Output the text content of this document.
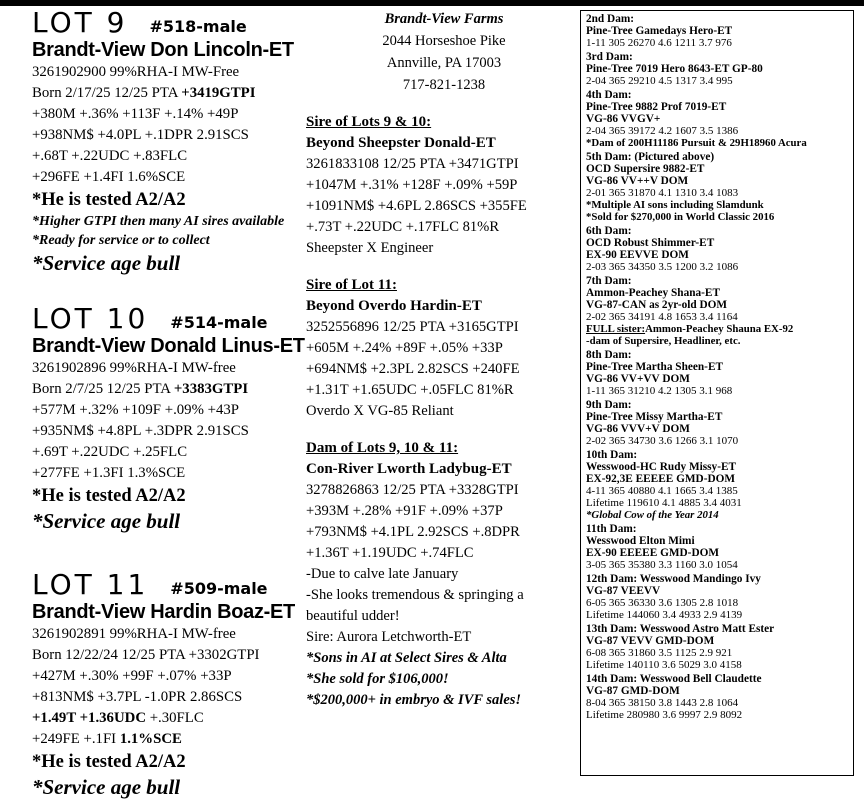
LOT 9 #518-male
Brandt-View Don Lincoln-ET
3261902900 99%RHA-I MW-Free
Born 2/17/25 12/25 PTA +3419GTPI
+380M +.36% +113F +.14% +49P
+938NM$ +4.0PL +.1DPR 2.91SCS
+.68T +.22UDC +.83FLC
+296FE +1.4FI 1.6%SCE
*He is tested A2/A2
*Higher GTPI then many AI sires available
*Ready for service or to collect
*Service age bull
LOT 10 #514-male
Brandt-View Donald Linus-ET
3261902896 99%RHA-I MW-free
Born 2/7/25 12/25 PTA +3383GTPI
+577M +.32% +109F +.09% +43P
+935NM$ +4.8PL +.3DPR 2.91SCS
+.69T +.22UDC +.25FLC
+277FE +1.3FI 1.3%SCE
*He is tested A2/A2
*Service age bull
LOT 11 #509-male
Brandt-View Hardin Boaz-ET
3261902891 99%RHA-I MW-free
Born 12/22/24 12/25 PTA +3302GTPI
+427M +.30% +99F +.07% +33P
+813NM$ +3.7PL -1.0PR 2.86SCS
+1.49T +1.36UDC +.30FLC
+249FE +.1FI 1.1%SCE
*He is tested A2/A2
*Service age bull
Brandt-View Farms
2044 Horseshoe Pike
Annville, PA 17003
717-821-1238
Sire of Lots 9 & 10:
Beyond Sheepster Donald-ET
3261833108 12/25 PTA +3471GTPI
+1047M +.31% +128F +.09% +59P
+1091NM$ +4.6PL 2.86SCS +355FE
+.73T +.22UDC +.17FLC 81%R
Sheepster X Engineer
Sire of Lot 11:
Beyond Overdo Hardin-ET
3252556896 12/25 PTA +3165GTPI
+605M +.24% +89F +.05% +33P
+694NM$ +2.3PL 2.82SCS +240FE
+1.31T +1.65UDC +.05FLC 81%R
Overdo X VG-85 Reliant
Dam of Lots 9, 10 & 11:
Con-River Lworth Ladybug-ET
3278826863 12/25 PTA +3328GTPI
+393M +.28% +91F +.09% +37P
+793NM$ +4.1PL 2.92SCS +.8DPR
+1.36T +1.19UDC +.74FLC
-Due to calve late January
-She looks tremendous & springing a
beautiful udder!
Sire: Aurora Letchworth-ET
*Sons in AI at Select Sires & Alta
*She sold for $106,000!
*$200,000+ in embryo & IVF sales!
2nd Dam:
Pine-Tree Gamedays Hero-ET
1-11 305 26270 4.6 1211 3.7 976
3rd Dam:
Pine-Tree 7019 Hero 8643-ET GP-80
2-04 365 29210 4.5 1317 3.4 995
4th Dam:
Pine-Tree 9882 Prof 7019-ET
VG-86 VVGV+
2-04 365 39172 4.2 1607 3.5 1386
*Dam of 200H11186 Pursuit & 29H18960 Acura
5th Dam: (Pictured above)
OCD Supersire 9882-ET
VG-86 VV++V DOM
2-01 365 31870 4.1 1310 3.4 1083
*Multiple AI sons including Slamdunk
*Sold for $270,000 in World Classic 2016
6th Dam:
OCD Robust Shimmer-ET
EX-90 EEVVE DOM
2-03 365 34350 3.5 1200 3.2 1086
7th Dam:
Ammon-Peachey Shana-ET
VG-87-CAN as 2yr-old DOM
2-02 365 34191 4.8 1653 3.4 1164
FULL sister:Ammon-Peachey Shauna EX-92
-dam of Supersire, Headliner, etc.
8th Dam:
Pine-Tree Martha Sheen-ET
VG-86 VV+VV DOM
1-11 365 31210 4.2 1305 3.1 968
9th Dam:
Pine-Tree Missy Martha-ET
VG-86 VVV+V DOM
2-02 365 34730 3.6 1266 3.1 1070
10th Dam:
Wesswood-HC Rudy Missy-ET
EX-92,3E EEEEE GMD-DOM
4-11 365 40880 4.1 1665 3.4 1385
Lifetime 119610 4.1 4885 3.4 4031
*Global Cow of the Year 2014
11th Dam:
Wesswood Elton Mimi
EX-90 EEEEE GMD-DOM
3-05 365 35380 3.3 1160 3.0 1054
12th Dam: Wesswood Mandingo Ivy
VG-87 VEEVV
6-05 365 36330 3.6 1305 2.8 1018
Lifetime 144060 3.4 4933 2.9 4139
13th Dam: Wesswood Astro Matt Ester
VG-87 VEVV GMD-DOM
6-08 365 31860 3.5 1125 2.9 921
Lifetime 140110 3.6 5029 3.0 4158
14th Dam: Wesswood Bell Claudette
VG-87 GMD-DOM
8-04 365 38150 3.8 1443 2.8 1064
Lifetime 280980 3.6 9997 2.9 8092
